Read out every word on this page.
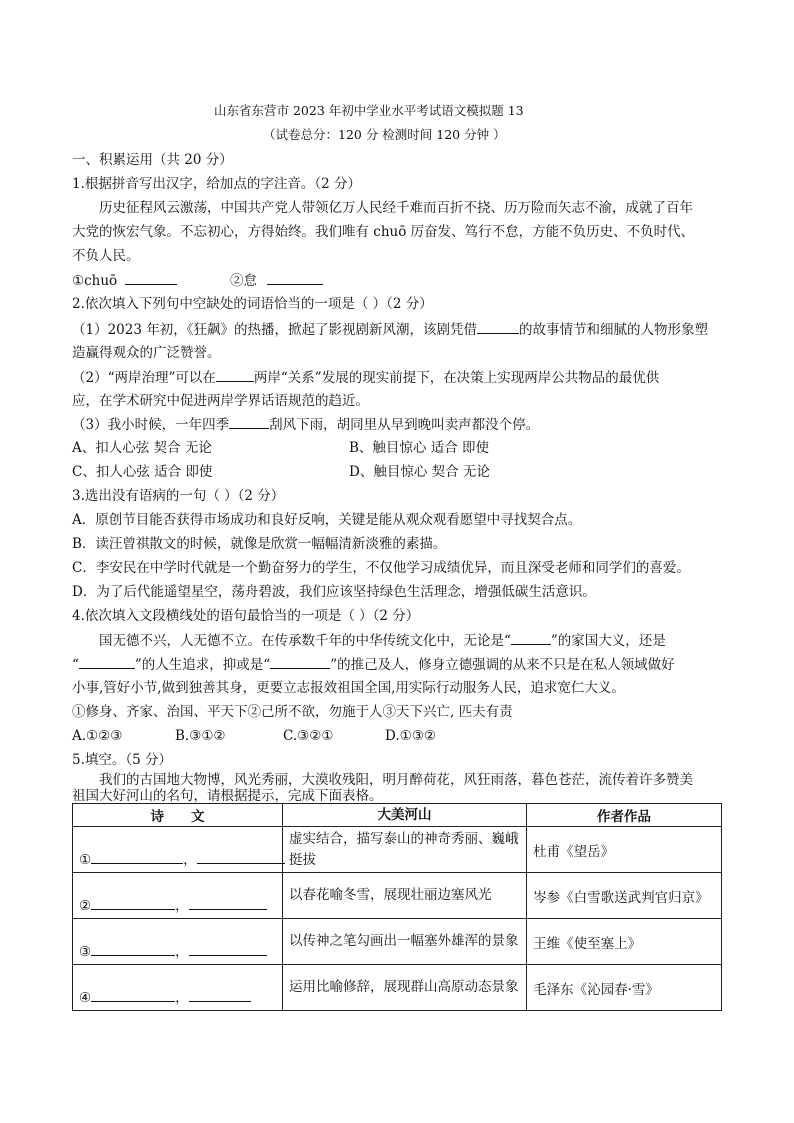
山东省东营市 2023 年初中学业水平考试语文模拟题 13
（试卷总分：120 分 检测时间 120 分钟 ）
一、积累运用（共 20 分）
1.根据拼音写出汉字，给加点的字注音。（2 分）
历史征程风云激荡，中国共产党人带领亿万人民经千难而百折不挠、历万险而矢志不渝，成就了百年
大党的恢宏气象。不忘初心，方得始终。我们唯有 chuō 厉奋发、笃行不怠，方能不负历史、不负时代、
不负人民。
①chuō	②怠
2.依次填入下列句中空缺处的词语恰当的一项是（ ）（2 分）
（1）2023 年初，《狂飙》的热播，掀起了影视剧新风潮，该剧凭借	的故事情节和细腻的人物形象塑
造赢得观众的广泛赞誉。
（2）“两岸治理”可以在	两岸“关系”发展的现实前提下，在决策上实现两岸公共物品的最优供
应，在学术研究中促进两岸学界话语规范的趋近。
（3）我小时候，一年四季	刮风下雨，胡同里从早到晚叫卖声都没个停。
A、扣人心弦 契合 无论	B、触目惊心 适合 即使
C、扣人心弦 适合 即使	D、触目惊心 契合 无论
3.选出没有语病的一句（ ）（2 分）
A．原创节目能否获得市场成功和良好反响，关键是能从观众观看愿望中寻找契合点。
B．读汪曾祺散文的时候，就像是欣赏一幅幅清新淡雅的素描。
C．李安民在中学时代就是一个勤奋努力的学生，不仅他学习成绩优异，而且深受老师和同学们的喜爱。
D．为了后代能遥望星空，荡舟碧波，我们应该坚持绿色生活理念，增强低碳生活意识。
4.依次填入文段横线处的语句最恰当的一项是（ ）（2 分）
国无德不兴，人无德不立。在传承数千年的中华传统文化中，无论是“	”的家国大义，还是
“	”的人生追求，抑或是“	”的推己及人，修身立德强调的从来不只是在私人领域做好
小事,管好小节,做到独善其身，更要立志报效祖国全国,用实际行动服务人民，追求宽仁大义。
①修身、齐家、治国、平天下②己所不欲，勿施于人③天下兴亡, 匹夫有责
A.①②③	B.③①②	C.③②①	D.①③②
5.填空。（5 分）
我们的古国地大物博，风光秀丽，大漠收残阳，明月醉荷花，风狂雨落，暮色苍茫，流传着许多赞美
祖国大好河山的名句，请根据提示，完成下面表格。
诗　　文	大美河山	作者作品

① ，	虚实结合，描写泰山的神奇秀丽、巍峨挺拔	杜甫《望岳》

② ，	以春花喻冬雪，展现壮丽边塞风光	岑参《白雪歌送武判官归京》

③ ，	以传神之笔勾画出一幅塞外雄浑的景象	王维《使至塞上》

④ ，	运用比喻修辞，展现群山高原动态景象	毛泽东《沁园春·雪》
